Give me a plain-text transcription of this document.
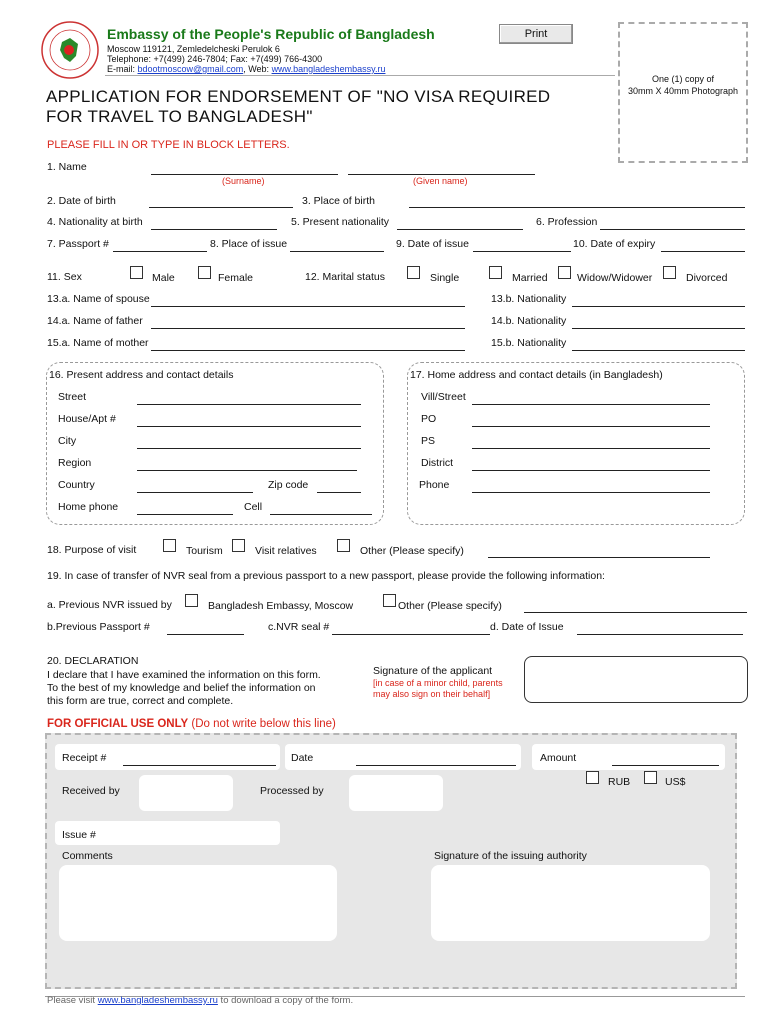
Embassy of the People's Republic of Bangladesh
Moscow 119121, Zemledelcheski Perulok 6
Telephone: +7(499) 246-7804; Fax: +7(499) 766-4300
E-mail: bdootmoscow@gmail.com, Web: www.bangladeshembassy.ru
Print
One (1) copy of
30mm X 40mm Photograph
APPLICATION FOR ENDORSEMENT OF "NO VISA REQUIRED
FOR TRAVEL TO BANGLADESH"
PLEASE FILL IN OR TYPE IN BLOCK LETTERS.
1. Name
(Surname)	(Given name)
2. Date of birth	3. Place of birth
4. Nationality at birth	5. Present nationality	6. Profession
7. Passport #	8. Place of issue	9. Date of issue	10. Date of expiry
11. Sex	Male	Female	12. Marital status	Single	Married	Widow/Widower	Divorced
13.a. Name of spouse	13.b. Nationality
14.a. Name of father	14.b. Nationality
15.a. Name of mother	15.b. Nationality
16. Present address and contact details
Street
House/Apt #
City
Region
Country	Zip code
Home phone	Cell
17. Home address and contact details (in Bangladesh)
Vill/Street
PO
PS
District
Phone
18. Purpose of visit	Tourism	Visit relatives	Other (Please specify)
19. In case of transfer of NVR seal from a previous passport to a new passport, please provide the following information:
a. Previous NVR issued by	Bangladesh Embassy, Moscow	Other (Please specify)
b.Previous Passport #	c.NVR seal #	d. Date of Issue
20. DECLARATION
I declare that I have examined the information on this form.
To the best of my knowledge and belief the information on
this form are true, correct and complete.
Signature of the applicant
[in case of a minor child, parents
may also sign on their behalf]
FOR OFFICIAL USE ONLY (Do not write below this line)
Receipt #	Date	Amount
RUB	US$
Received by	Processed by
Issue #
Comments	Signature of the issuing authority
Please visit www.bangladeshembassy.ru to download a copy of the form.
